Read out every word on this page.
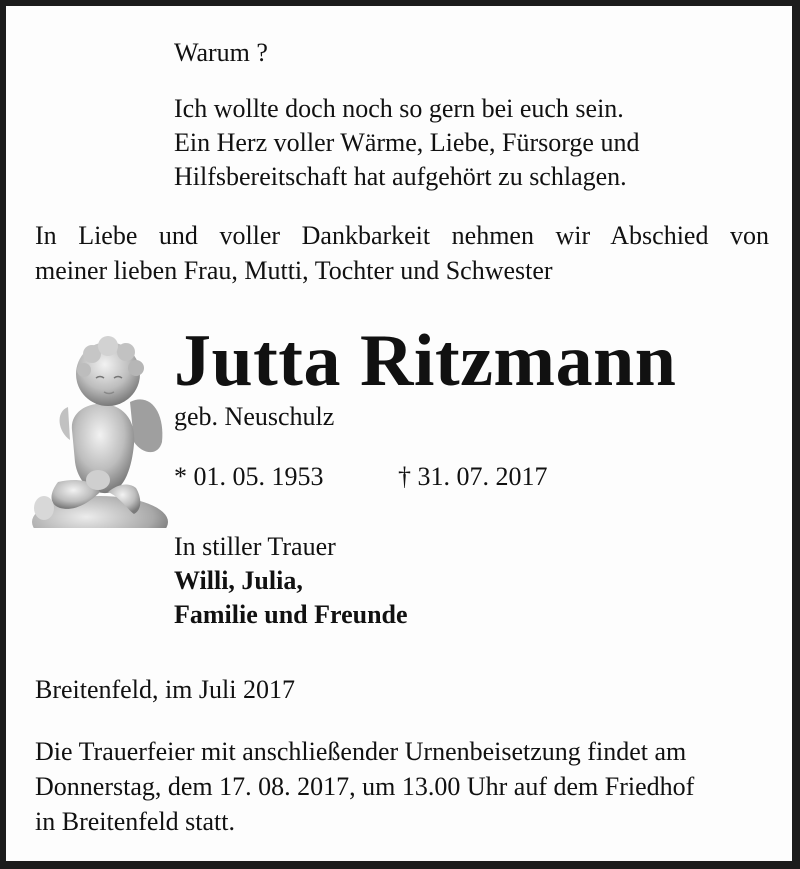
Warum ?
Ich wollte doch noch so gern bei euch sein.
Ein Herz voller Wärme, Liebe, Fürsorge und
Hilfsbereitschaft hat aufgehört zu schlagen.
In Liebe und voller Dankbarkeit nehmen wir Abschied von
meiner lieben Frau, Mutti, Tochter und Schwester
Jutta Ritzmann
geb. Neuschulz
* 01. 05. 1953	† 31. 07. 2017
In stiller Trauer
Willi, Julia,
Familie und Freunde
Breitenfeld, im Juli 2017
Die Trauerfeier mit anschließender Urnenbeisetzung findet am
Donnerstag, dem 17. 08. 2017, um 13.00 Uhr auf dem Friedhof
in Breitenfeld statt.
